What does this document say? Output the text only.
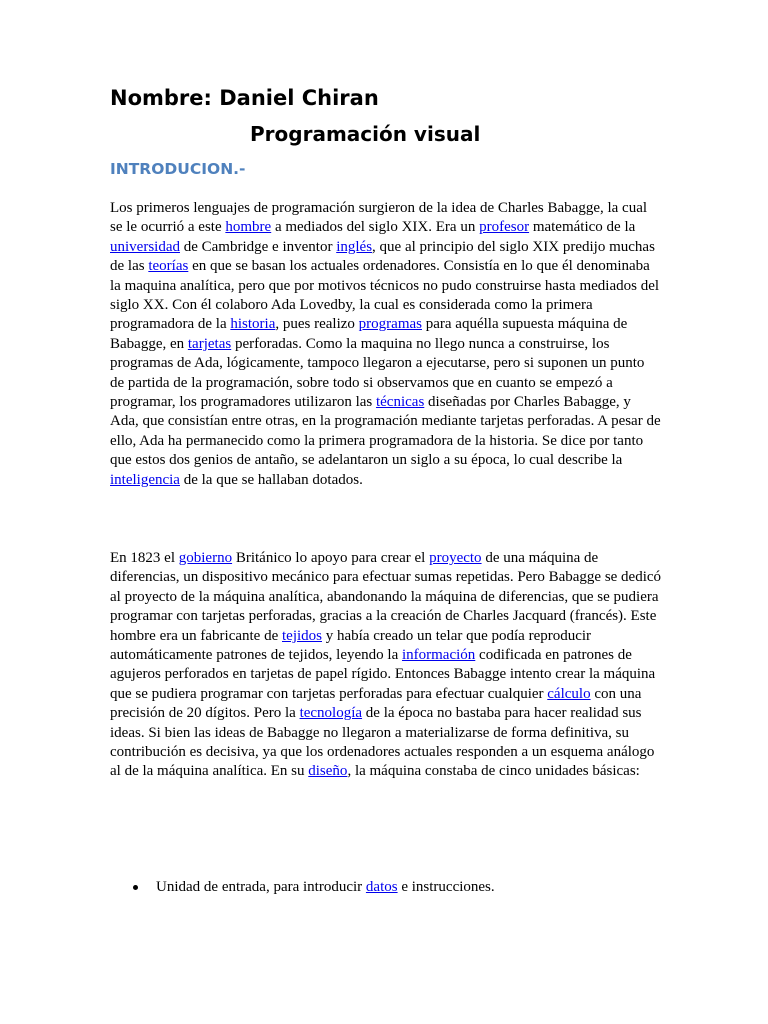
Nombre: Daniel Chiran
Programación visual
INTRODUCION.-

Los primeros lenguajes de programación surgieron de la idea de Charles Babagge, la cual se le ocurrió a este hombre a mediados del siglo XIX. Era un profesor matemático de la universidad de Cambridge e inventor inglés, que al principio del siglo XIX predijo muchas de las teorías en que se basan los actuales ordenadores. Consistía en lo que él denominaba la maquina analítica, pero que por motivos técnicos no pudo construirse hasta mediados del siglo XX. Con él colaboro Ada Lovedby, la cual es considerada como la primera programadora de la historia, pues realizo programas para aquélla supuesta máquina de Babagge, en tarjetas perforadas. Como la maquina no llego nunca a construirse, los programas de Ada, lógicamente, tampoco llegaron a ejecutarse, pero si suponen un punto de partida de la programación, sobre todo si observamos que en cuanto se empezó a programar, los programadores utilizaron las técnicas diseñadas por Charles Babagge, y Ada, que consistían entre otras, en la programación mediante tarjetas perforadas. A pesar de ello, Ada ha permanecido como la primera programadora de la historia. Se dice por tanto que estos dos genios de antaño, se adelantaron un siglo a su época, lo cual describe la inteligencia de la que se hallaban dotados.

En 1823 el gobierno Británico lo apoyo para crear el proyecto de una máquina de diferencias, un dispositivo mecánico para efectuar sumas repetidas. Pero Babagge se dedicó al proyecto de la máquina analítica, abandonando la máquina de diferencias, que se pudiera programar con tarjetas perforadas, gracias a la creación de Charles Jacquard (francés). Este hombre era un fabricante de tejidos y había creado un telar que podía reproducir automáticamente patrones de tejidos, leyendo la información codificada en patrones de agujeros perforados en tarjetas de papel rígido. Entonces Babagge intento crear la máquina que se pudiera programar con tarjetas perforadas para efectuar cualquier cálculo con una precisión de 20 dígitos. Pero la tecnología de la época no bastaba para hacer realidad sus ideas. Si bien las ideas de Babagge no llegaron a materializarse de forma definitiva, su contribución es decisiva, ya que los ordenadores actuales responden a un esquema análogo al de la máquina analítica. En su diseño, la máquina constaba de cinco unidades básicas:

Unidad de entrada, para introducir datos e instrucciones.
